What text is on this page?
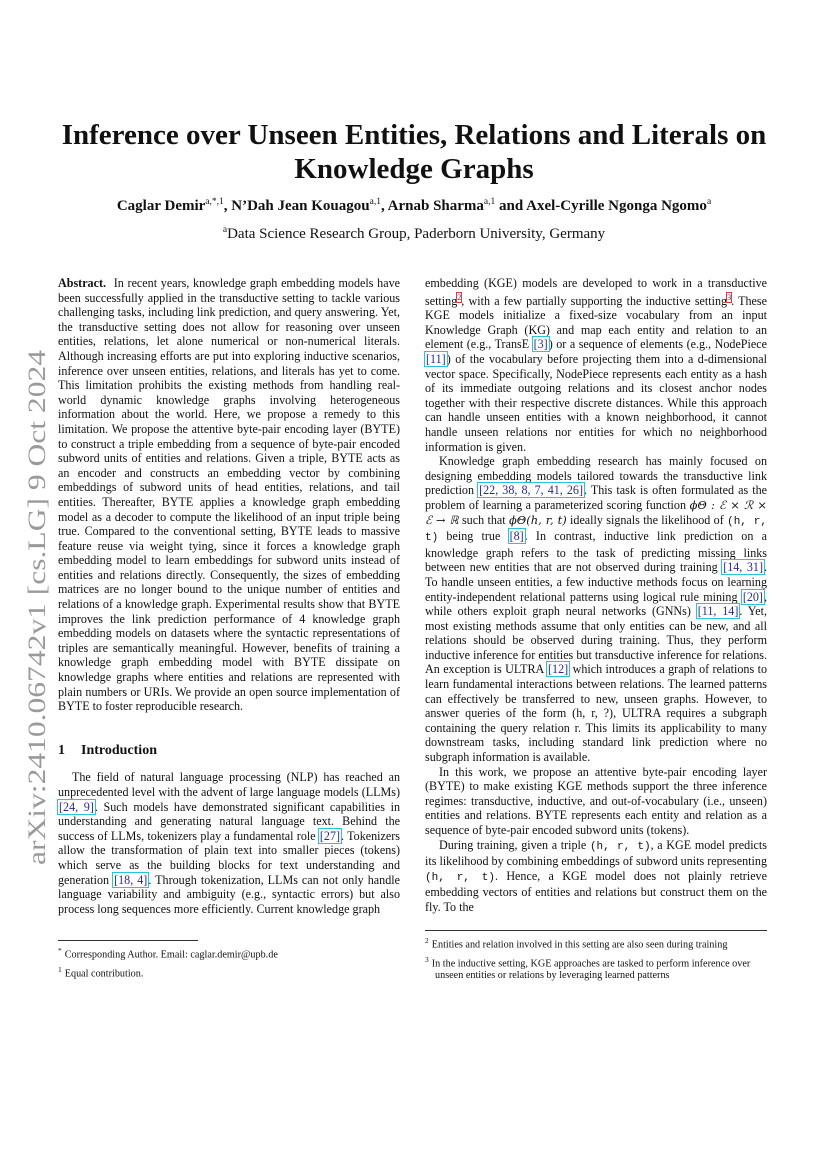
arXiv:2410.06742v1 [cs.LG] 9 Oct 2024
Inference over Unseen Entities, Relations and Literals on Knowledge Graphs
Caglar Demir$^{a,*,1}$, N’Dah Jean Kouagou$^{a,1}$, Arnab Sharma$^{a,1}$ and Axel-Cyrille Ngonga Ngomo$^a$
$^a$Data Science Research Group, Paderborn University, Germany

Abstract. In recent years, knowledge graph embedding models have been successfully applied in the transductive setting to tackle various challenging tasks, including link prediction, and query answering. Yet, the transductive setting does not allow for reasoning over unseen entities, relations, let alone numerical or non-numerical literals. Although increasing efforts are put into exploring inductive scenarios, inference over unseen entities, relations, and literals has yet to come. This limitation prohibits the existing methods from handling real-world dynamic knowledge graphs involving heterogeneous information about the world. Here, we propose a remedy to this limitation. We propose the attentive byte-pair encoding layer (BYTE) to construct a triple embedding from a sequence of byte-pair encoded subword units of entities and relations. Given a triple, BYTE acts as an encoder and constructs an embedding vector by combining embeddings of subword units of head entities, relations, and tail entities. Thereafter, BYTE applies a knowledge graph embedding model as a decoder to compute the likelihood of an input triple being true. Compared to the conventional setting, BYTE leads to massive feature reuse via weight tying, since it forces a knowledge graph embedding model to learn embeddings for subword units instead of entities and relations directly. Consequently, the sizes of embedding matrices are no longer bound to the unique number of entities and relations of a knowledge graph. Experimental results show that BYTE improves the link prediction performance of 4 knowledge graph embedding models on datasets where the syntactic representations of triples are semantically meaningful. However, benefits of training a knowledge graph embedding model with BYTE dissipate on knowledge graphs where entities and relations are represented with plain numbers or URIs. We provide an open source implementation of BYTE to foster reproducible research.

1 Introduction

The field of natural language processing (NLP) has reached an unprecedented level with the advent of large language models (LLMs) [24, 9]. Such models have demonstrated significant capabilities in understanding and generating natural language text. Behind the success of LLMs, tokenizers play a fundamental role [27]. Tokenizers allow the transformation of plain text into smaller pieces (tokens) which serve as the building blocks for text understanding and generation [18, 4]. Through tokenization, LLMs can not only handle language variability and ambiguity (e.g., syntactic errors) but also process long sequences more efficiently. Current knowledge graph

embedding (KGE) models are developed to work in a transductive setting$^2$, with a few partially supporting the inductive setting$^3$. These KGE models initialize a fixed-size vocabulary from an input Knowledge Graph (KG) and map each entity and relation to an element (e.g., TransE [3]) or a sequence of elements (e.g., NodePiece [11]) of the vocabulary before projecting them into a d-dimensional vector space. Specifically, NodePiece represents each entity as a hash of its immediate outgoing relations and its closest anchor nodes together with their respective discrete distances. While this approach can handle unseen entities with a known neighborhood, it cannot handle unseen relations nor entities for which no neighborhood information is given.

Knowledge graph embedding research has mainly focused on designing embedding models tailored towards the transductive link prediction [22, 38, 8, 7, 41, 26]. This task is often formulated as the problem of learning a parameterized scoring function ϕΘ : ℰ × ℛ × ℰ → ℝ such that ϕΘ(h, r, t) ideally signals the likelihood of (h, r, t) being true [8]. In contrast, inductive link prediction on a knowledge graph refers to the task of predicting missing links between new entities that are not observed during training [14, 31]. To handle unseen entities, a few inductive methods focus on learning entity-independent relational patterns using logical rule mining [20], while others exploit graph neural networks (GNNs) [11, 14]. Yet, most existing methods assume that only entities can be new, and all relations should be observed during training. Thus, they perform inductive inference for entities but transductive inference for relations. An exception is ULTRA [12] which introduces a graph of relations to learn fundamental interactions between relations. The learned patterns can effectively be transferred to new, unseen graphs. However, to answer queries of the form (h, r, ?), ULTRA requires a subgraph containing the query relation r. This limits its applicability to many downstream tasks, including standard link prediction where no subgraph information is available.

In this work, we propose an attentive byte-pair encoding layer (BYTE) to make existing KGE methods support the three inference regimes: transductive, inductive, and out-of-vocabulary (i.e., unseen) entities and relations. BYTE represents each entity and relation as a sequence of byte-pair encoded subword units (tokens).

During training, given a triple (h, r, t), a KGE model predicts its likelihood by combining embeddings of subword units representing (h, r, t). Hence, a KGE model does not plainly retrieve embedding vectors of entities and relations but construct them on the fly. To the

* Corresponding Author. Email: caglar.demir@upb.de

$^1$ Equal contribution.

$^2$ Entities and relation involved in this setting are also seen during training

$^3$ In the inductive setting, KGE approaches are tasked to perform inference over unseen entities or relations by leveraging learned patterns
